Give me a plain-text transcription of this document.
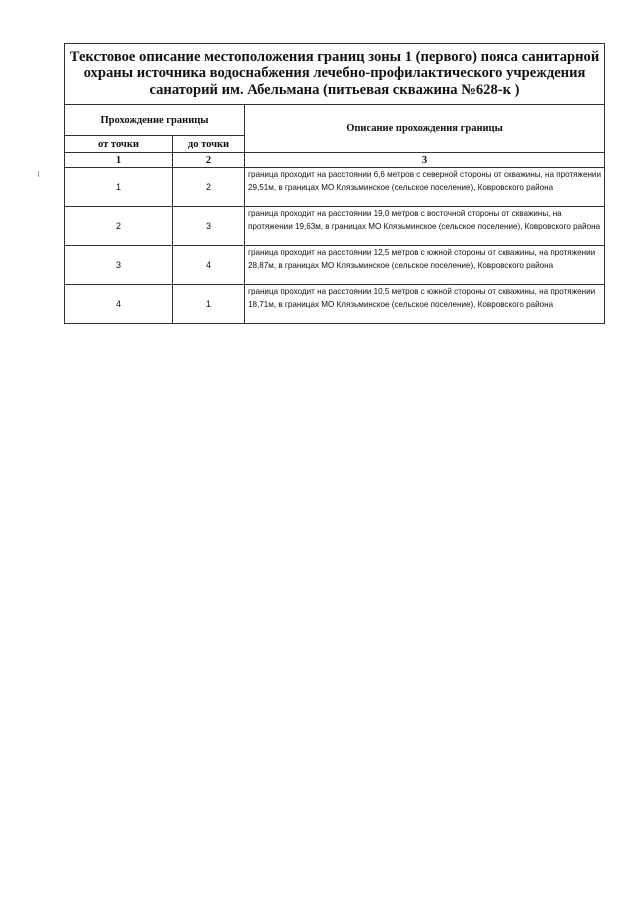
Текстовое описание местоположения границ зоны 1 (первого) пояса санитарной охраны источника водоснабжения лечебно-профилактического учреждения санаторий им. Абельмана (питьевая скважина №628-к )		
Прохождение границы		Описание прохождения границы
от точки	до точки	
1	2	3
1	2	граница проходит на расстоянии 6,6 метров с северной стороны от скважины, на протяжении 29,51м, в границах МО Клязьминское (сельское поселение), Ковровского района
2	3	граница проходит на расстоянии 19,0 метров с восточной стороны от скважины, на протяжении 19,63м, в границах МО Клязьминское (сельское поселение), Ковровского района
3	4	граница проходит на расстоянии 12,5 метров с южной стороны от скважины, на протяжении 28,87м, в границах МО Клязьминское (сельское поселение), Ковровского района
4	1	граница проходит на расстоянии 10,5 метров с южной стороны от скважины, на протяжении 18,71м, в границах МО Клязьминское (сельское поселение), Ковровского района
